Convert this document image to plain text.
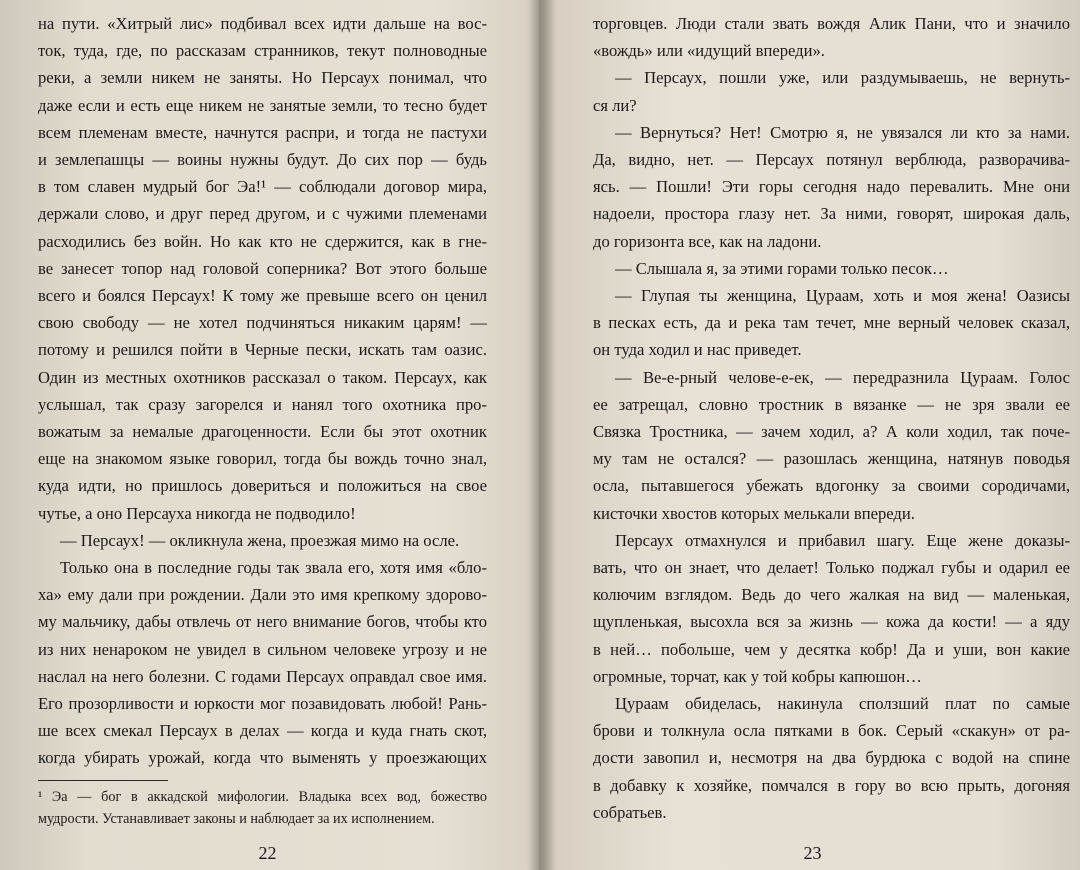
на пути. «Хитрый лис» подбивал всех идти дальше на вос-
ток, туда, где, по рассказам странников, текут полноводные
реки, а земли никем не заняты. Но Персаух понимал, что
даже если и есть еще никем не занятые земли, то тесно будет
всем племенам вместе, начнутся распри, и тогда не пастухи
и землепашцы — воины нужны будут. До сих пор — будь
в том славен мудрый бог Эа!¹ — соблюдали договор мира,
держали слово, и друг перед другом, и с чужими племенами
расходились без войн. Но как кто не сдержится, как в гне-
ве занесет топор над головой соперника? Вот этого больше
всего и боялся Персаух! К тому же превыше всего он ценил
свою свободу — не хотел подчиняться никаким царям! —
потому и решился пойти в Черные пески, искать там оазис.
Один из местных охотников рассказал о таком. Персаух, как
услышал, так сразу загорелся и нанял того охотника про-
вожатым за немалые драгоценности. Если бы этот охотник
еще на знакомом языке говорил, тогда бы вождь точно знал,
куда идти, но пришлось довериться и положиться на свое
чутье, а оно Персауха никогда не подводило!
— Персаух! — окликнула жена, проезжая мимо на осле.
Только она в последние годы так звала его, хотя имя «бло-
ха» ему дали при рождении. Дали это имя крепкому здорово-
му мальчику, дабы отвлечь от него внимание богов, чтобы кто
из них ненароком не увидел в сильном человеке угрозу и не
наслал на него болезни. С годами Персаух оправдал свое имя.
Его прозорливости и юркости мог позавидовать любой! Рань-
ше всех смекал Персаух в делах — когда и куда гнать скот,
когда убирать урожай, когда что выменять у проезжающих
¹ Эа — бог в аккадской мифологии. Владыка всех вод, божество
мудрости. Устанавливает законы и наблюдает за их исполнением.
22
торговцев. Люди стали звать вождя Алик Пани, что и значило
«вождь» или «идущий впереди».
— Персаух, пошли уже, или раздумываешь, не вернуть-
ся ли?
— Вернуться? Нет! Смотрю я, не увязался ли кто за нами.
Да, видно, нет. — Персаух потянул верблюда, разворачива-
ясь. — Пошли! Эти горы сегодня надо перевалить. Мне они
надоели, простора глазу нет. За ними, говорят, широкая даль,
до горизонта все, как на ладони.
— Слышала я, за этими горами только песок…
— Глупая ты женщина, Цураам, хоть и моя жена! Оазисы
в песках есть, да и река там течет, мне верный человек сказал,
он туда ходил и нас приведет.
— Ве-е-рный челове-е-ек, — передразнила Цураам. Голос
ее затрещал, словно тростник в вязанке — не зря звали ее
Связка Тростника, — зачем ходил, а? А коли ходил, так поче-
му там не остался? — разошлась женщина, натянув поводья
осла, пытавшегося убежать вдогонку за своими сородичами,
кисточки хвостов которых мелькали впереди.
Персаух отмахнулся и прибавил шагу. Еще жене доказы-
вать, что он знает, что делает! Только поджал губы и одарил ее
колючим взглядом. Ведь до чего жалкая на вид — маленькая,
щупленькая, высохла вся за жизнь — кожа да кости! — а яду
в ней… побольше, чем у десятка кобр! Да и уши, вон какие
огромные, торчат, как у той кобры капюшон…
Цураам обиделась, накинула сползший плат по самые
брови и толкнула осла пятками в бок. Серый «скакун» от ра-
дости завопил и, несмотря на два бурдюка с водой на спине
в добавку к хозяйке, помчался в гору во всю прыть, догоняя
собратьев.
23
